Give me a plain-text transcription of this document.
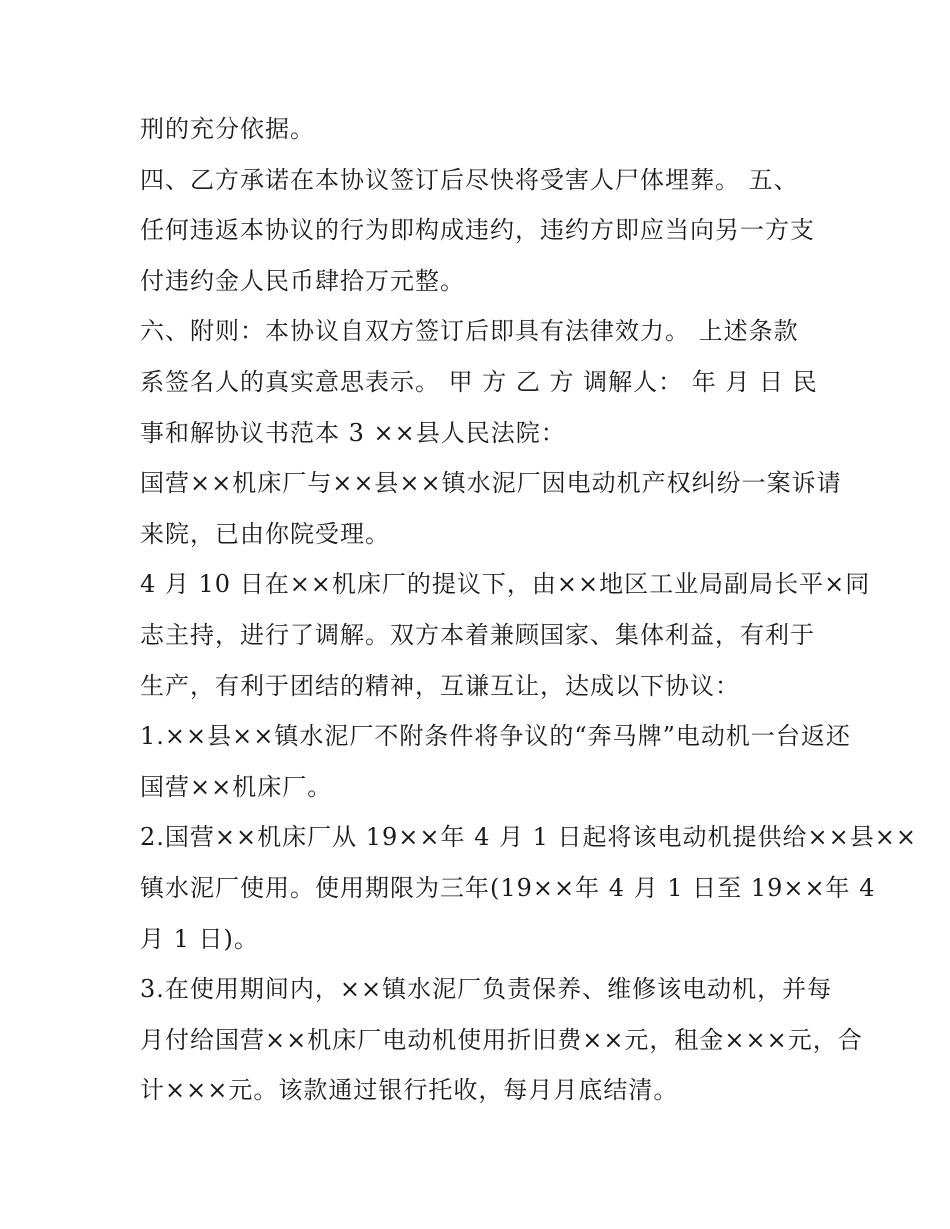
刑的充分依据。
四、乙方承诺在本协议签订后尽快将受害人尸体埋葬。 五、
任何违返本协议的行为即构成违约，违约方即应当向另一方支
付违约金人民币肆拾万元整。
六、附则：本协议自双方签订后即具有法律效力。 上述条款
系签名人的真实意思表示。 甲 方 乙 方 调解人： 年 月 日 民
事和解协议书范本 3 ××县人民法院：
国营××机床厂与××县××镇水泥厂因电动机产权纠纷一案诉请
来院，已由你院受理。
4 月 10 日在××机床厂的提议下，由××地区工业局副局长平×同
志主持，进行了调解。双方本着兼顾国家、集体利益，有利于
生产，有利于团结的精神，互谦互让，达成以下协议：
1.××县××镇水泥厂不附条件将争议的“奔马牌”电动机一台返还
国营××机床厂。
2.国营××机床厂从 19××年 4 月 1 日起将该电动机提供给××县××
镇水泥厂使用。使用期限为三年(19××年 4 月 1 日至 19××年 4
月 1 日)。
3.在使用期间内，××镇水泥厂负责保养、维修该电动机，并每
月付给国营××机床厂电动机使用折旧费××元，租金×××元，合
计×××元。该款通过银行托收，每月月底结清。
